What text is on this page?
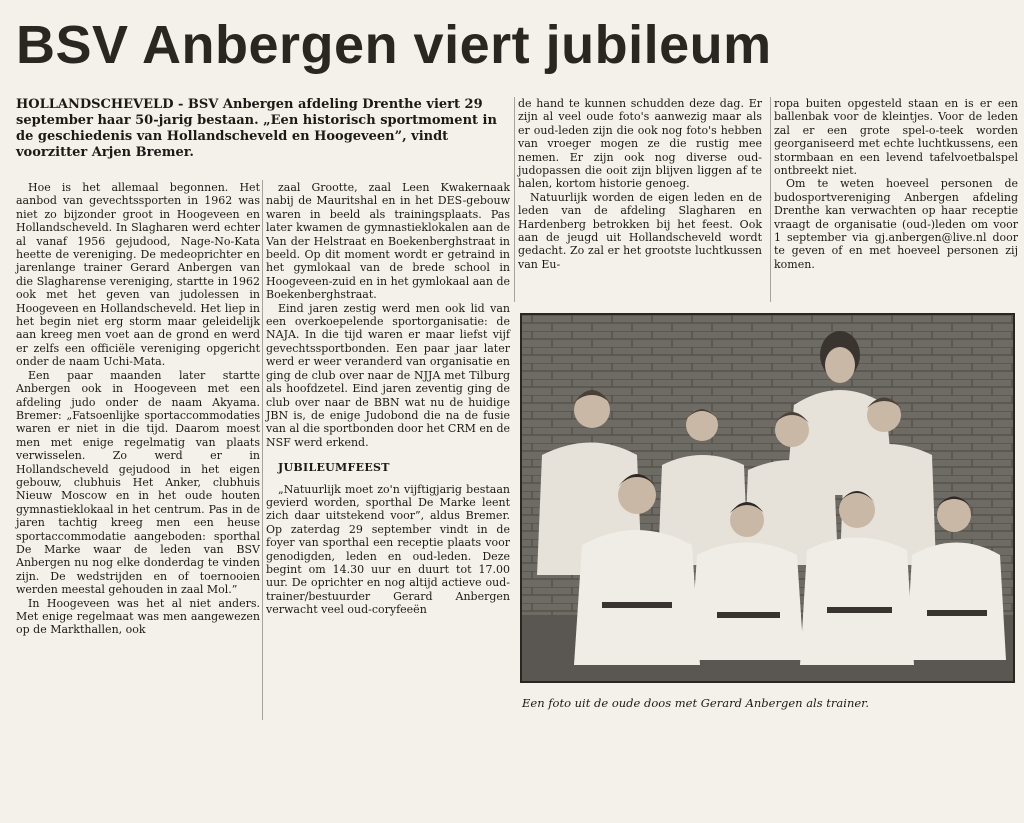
BSV Anbergen viert jubileum

HOLLANDSCHEVELD - BSV Anbergen afdeling Drenthe viert 29 september haar 50-jarig bestaan. „Een historisch sportmoment in de geschiedenis van Hollandscheveld en Hoogeveen”, vindt voorzitter Arjen Bremer.

Hoe is het allemaal begonnen. Het aanbod van gevechtssporten in 1962 was niet zo bijzonder groot in Hoogeveen en Hollandscheveld. In Slagharen werd echter al vanaf 1956 gejudood, Nage-No-Kata heette de vereniging. De medeoprichter en jarenlange trainer Gerard Anbergen van die Slagharense vereniging, startte in 1962 ook met het geven van judolessen in Hoogeveen en Hollandscheveld. Het liep in het begin niet erg storm maar geleidelijk aan kreeg men voet aan de grond en werd er zelfs een officiële vereniging opgericht onder de naam Uchi-Mata.

Een paar maanden later startte Anbergen ook in Hoogeveen met een afdeling judo onder de naam Akyama. Bremer: „Fatsoenlijke sportaccommodaties waren er niet in die tijd. Daarom moest men met enige regelmatig van plaats verwisselen. Zo werd er in Hollandscheveld gejudood in het eigen gebouw, clubhuis Het Anker, clubhuis Nieuw Moscow en in het oude houten gymnastieklokaal in het centrum. Pas in de jaren tachtig kreeg men een heuse sportaccommodatie aangeboden: sporthal De Marke waar de leden van BSV Anbergen nu nog elke donderdag te vinden zijn. De wedstrijden en of toernooien werden meestal gehouden in zaal Mol.”

In Hoogeveen was het al niet anders. Met enige regelmaat was men aangewezen op de Markthallen, ook

zaal Grootte, zaal Leen Kwakernaak nabij de Mauritshal en in het DES-gebouw waren in beeld als trainingsplaats. Pas later kwamen de gymnastieklokalen aan de Van der Helstraat en Boekenberghstraat in beeld. Op dit moment wordt er getraind in het gymlokaal van de brede school in Hoogeveen-zuid en in het gymlokaal aan de Boekenberghstraat.

Eind jaren zestig werd men ook lid van een overkoepelende sportorganisatie: de NAJA. In die tijd waren er maar liefst vijf gevechtssportbonden. Een paar jaar later werd er weer veranderd van organisatie en ging de club over naar de NJJA met Tilburg als hoofdzetel. Eind jaren zeventig ging de club over naar de BBN wat nu de huidige JBN is, de enige Judobond die na de fusie van al die sportbonden door het CRM en de NSF werd erkend.

JUBILEUMFEEST

„Natuurlijk moet zo'n vijftigjarig bestaan gevierd worden, sporthal De Marke leent zich daar uitstekend voor”, aldus Bremer. Op zaterdag 29 september vindt in de foyer van sporthal een receptie plaats voor genodigden, leden en oud-leden. Deze begint om 14.30 uur en duurt tot 17.00 uur. De oprichter en nog altijd actieve oud-trainer/bestuurder Gerard Anbergen verwacht veel oud-coryfeeën

de hand te kunnen schudden deze dag. Er zijn al veel oude foto's aanwezig maar als er oud-leden zijn die ook nog foto's hebben van vroeger mogen ze die rustig mee nemen. Er zijn ook nog diverse oud-judopassen die ooit zijn blijven liggen af te halen, kortom historie genoeg.

Natuurlijk worden de eigen leden en de leden van de afdeling Slagharen en Hardenberg betrokken bij het feest. Ook aan de jeugd uit Hollandscheveld wordt gedacht. Zo zal er het grootste luchtkussen van Eu-

ropa buiten opgesteld staan en is er een ballenbak voor de kleintjes. Voor de leden zal er een grote spel-o-teek worden georganiseerd met echte luchtkussens, een stormbaan en een levend tafelvoetbalspel ontbreekt niet.

Om te weten hoeveel personen de budosportvereniging Anbergen afdeling Drenthe kan verwachten op haar receptie vraagt de organisatie (oud-)leden om voor 1 september via gj.anbergen@live.nl door te geven of en met hoeveel personen zij komen.

Een foto uit de oude doos met Gerard Anbergen als trainer.
